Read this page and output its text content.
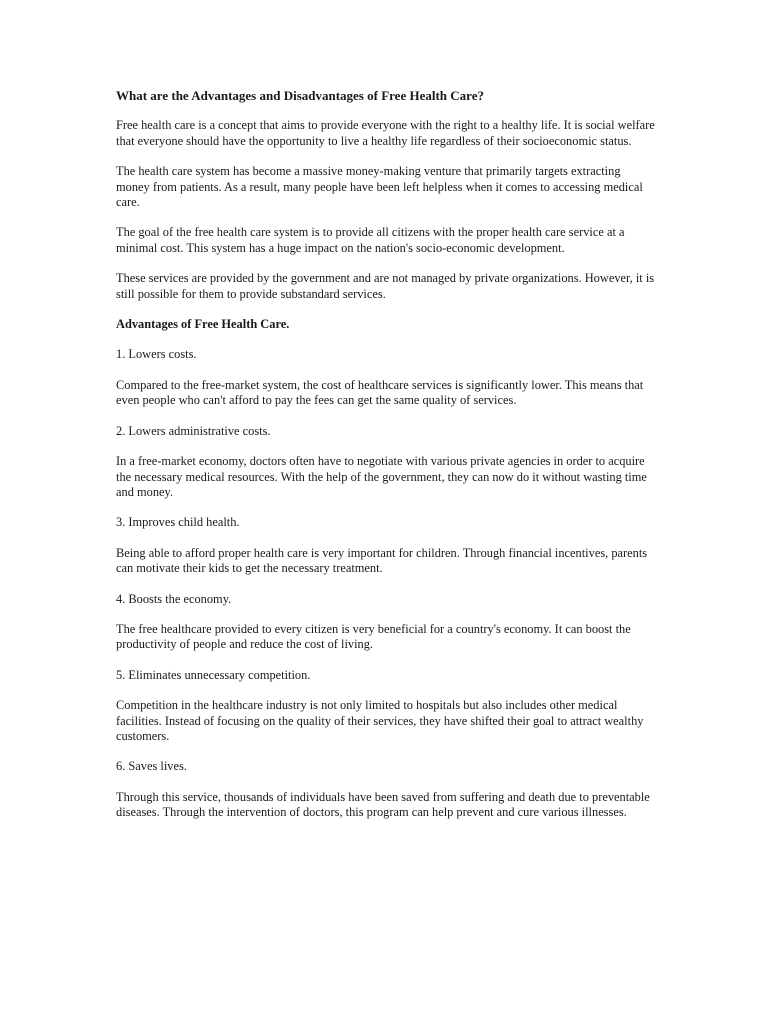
What are the Advantages and Disadvantages of Free Health Care?

Free health care is a concept that aims to provide everyone with the right to a healthy life. It is social welfare that everyone should have the opportunity to live a healthy life regardless of their socioeconomic status.

The health care system has become a massive money-making venture that primarily targets extracting money from patients. As a result, many people have been left helpless when it comes to accessing medical care.

The goal of the free health care system is to provide all citizens with the proper health care service at a minimal cost. This system has a huge impact on the nation's socio-economic development.

These services are provided by the government and are not managed by private organizations. However, it is still possible for them to provide substandard services.

Advantages of Free Health Care.

1. Lowers costs.

Compared to the free-market system, the cost of healthcare services is significantly lower. This means that even people who can't afford to pay the fees can get the same quality of services.

2. Lowers administrative costs.

In a free-market economy, doctors often have to negotiate with various private agencies in order to acquire the necessary medical resources. With the help of the government, they can now do it without wasting time and money.

3. Improves child health.

Being able to afford proper health care is very important for children. Through financial incentives, parents can motivate their kids to get the necessary treatment.

4. Boosts the economy.

The free healthcare provided to every citizen is very beneficial for a country's economy. It can boost the productivity of people and reduce the cost of living.

5. Eliminates unnecessary competition.

Competition in the healthcare industry is not only limited to hospitals but also includes other medical facilities. Instead of focusing on the quality of their services, they have shifted their goal to attract wealthy customers.

6. Saves lives.

Through this service, thousands of individuals have been saved from suffering and death due to preventable diseases. Through the intervention of doctors, this program can help prevent and cure various illnesses.
